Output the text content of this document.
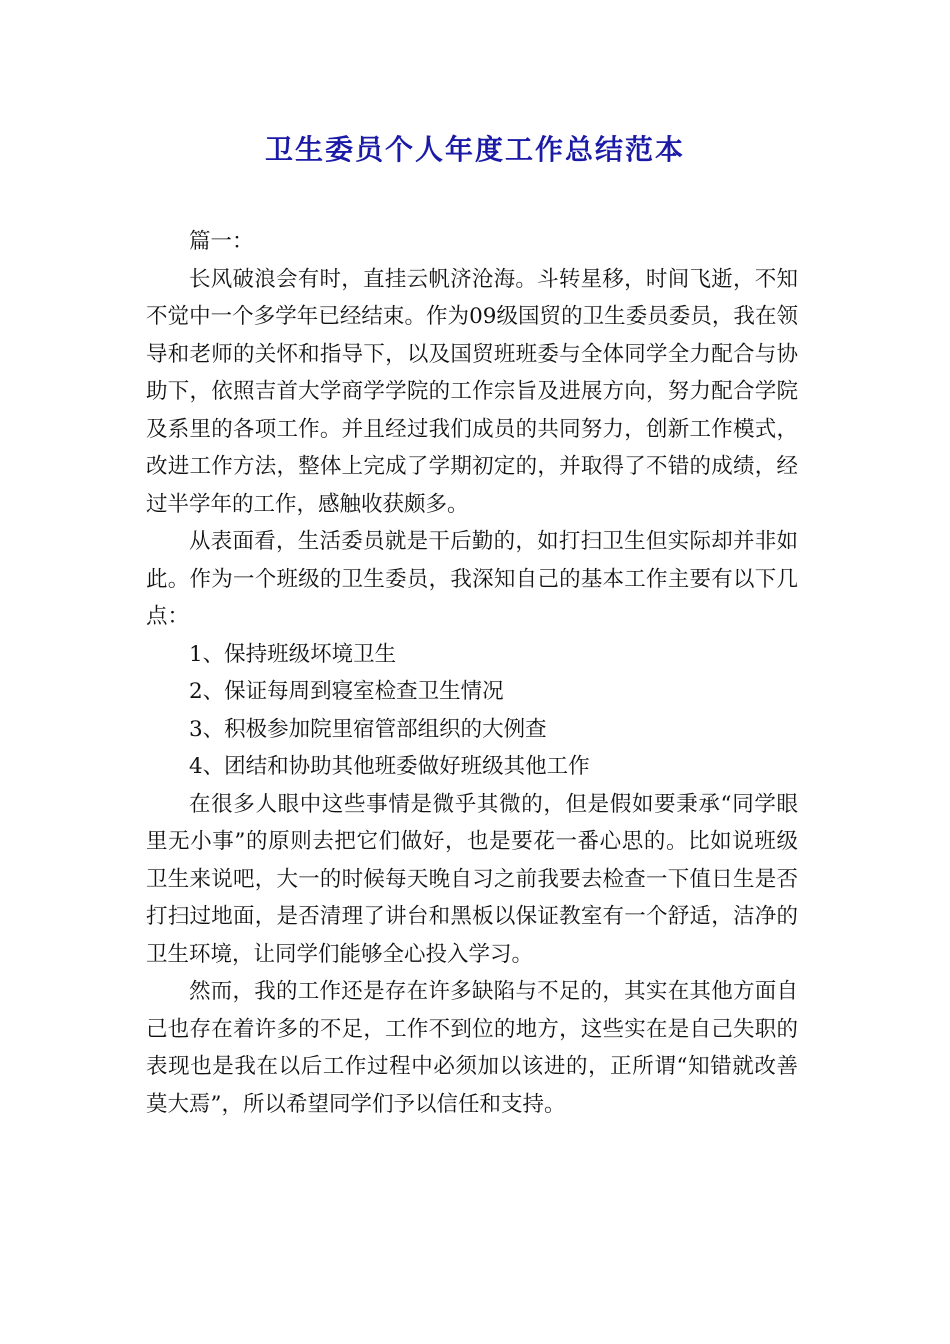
卫生委员个人年度工作总结范本

篇一：

长风破浪会有时，直挂云帆济沧海。斗转星移，时间飞逝，不知不觉中一个多学年已经结束。作为09级国贸的卫生委员委员，我在领导和老师的关怀和指导下，以及国贸班班委与全体同学全力配合与协助下，依照吉首大学商学学院的工作宗旨及进展方向，努力配合学院及系里的各项工作。并且经过我们成员的共同努力，创新工作模式，改进工作方法，整体上完成了学期初定的，并取得了不错的成绩，经过半学年的工作，感触收获颇多。

从表面看，生活委员就是干后勤的，如打扫卫生但实际却并非如此。作为一个班级的卫生委员，我深知自己的基本工作主要有以下几点：

1、保持班级坏境卫生

2、保证每周到寝室检查卫生情况

3、积极参加院里宿管部组织的大例查

4、团结和协助其他班委做好班级其他工作

在很多人眼中这些事情是微乎其微的，但是假如要秉承“同学眼里无小事”的原则去把它们做好，也是要花一番心思的。比如说班级卫生来说吧，大一的时候每天晚自习之前我要去检查一下值日生是否打扫过地面，是否清理了讲台和黑板以保证教室有一个舒适，洁净的卫生环境，让同学们能够全心投入学习。

然而，我的工作还是存在许多缺陷与不足的，其实在其他方面自己也存在着许多的不足，工作不到位的地方，这些实在是自己失职的表现也是我在以后工作过程中必须加以该进的，正所谓“知错就改善莫大焉”，所以希望同学们予以信任和支持。
